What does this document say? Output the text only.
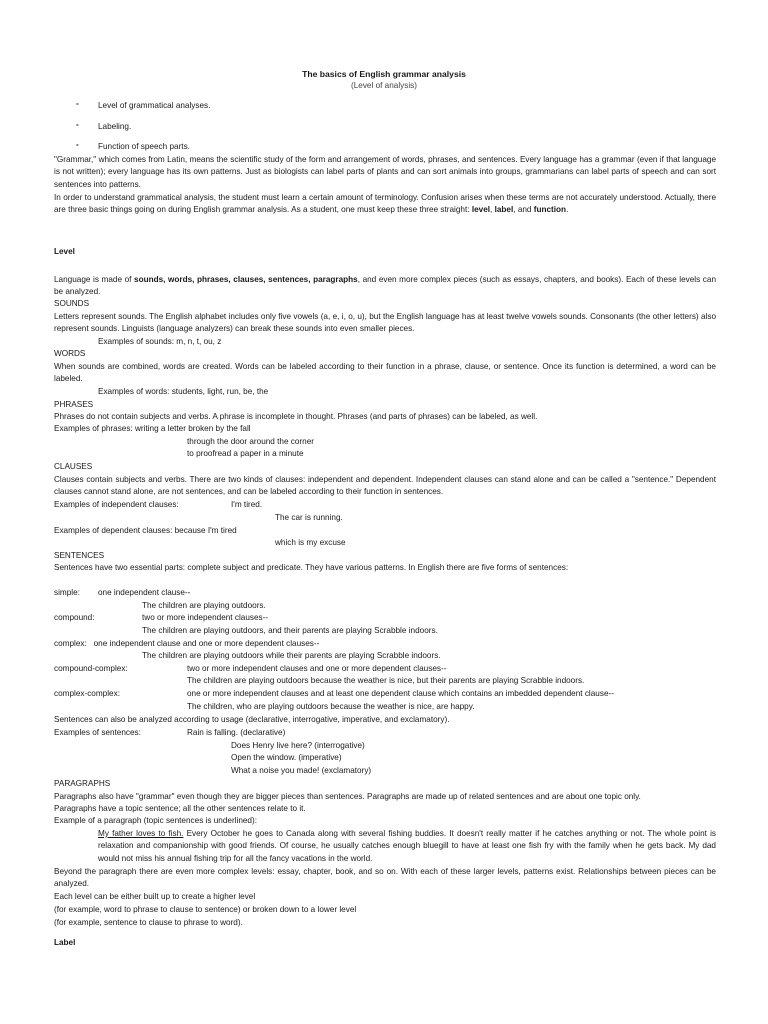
The basics of English grammar analysis
(Level of analysis)
- Level of grammatical analyses.
- Labeling.
- Function of speech parts.
"Grammar," which comes from Latin, means the scientific study of the form and arrangement of words, phrases, and sentences. Every language has a grammar (even if that language is not written); every language has its own patterns. Just as biologists can label parts of plants and can sort animals into groups, grammarians can label parts of speech and can sort sentences into patterns.
In order to understand grammatical analysis, the student must learn a certain amount of terminology. Confusion arises when these terms are not accurately understood. Actually, there are three basic things going on during English grammar analysis. As a student, one must keep these three straight: level, label, and function.
Level
Language is made of sounds, words, phrases, clauses, sentences, paragraphs, and even more complex pieces (such as essays, chapters, and books). Each of these levels can be analyzed.
SOUNDS
Letters represent sounds. The English alphabet includes only five vowels (a, e, i, o, u), but the English language has at least twelve vowels sounds. Consonants (the other letters) also represent sounds. Linguists (language analyzers) can break these sounds into even smaller pieces.
Examples of sounds: m, n, t, ou, z
WORDS
When sounds are combined, words are created. Words can be labeled according to their function in a phrase, clause, or sentence. Once its function is determined, a word can be labeled.
Examples of words: students, light, run, be, the
PHRASES
Phrases do not contain subjects and verbs. A phrase is incomplete in thought. Phrases (and parts of phrases) can be labeled, as well.
Examples of phrases: writing a letter broken by the fall
through the door around the corner
to proofread a paper in a minute
CLAUSES
Clauses contain subjects and verbs. There are two kinds of clauses: independent and dependent. Independent clauses can stand alone and can be called a "sentence." Dependent clauses cannot stand alone, are not sentences, and can be labeled according to their function in sentences.
Examples of independent clauses:	I'm tired.
The car is running.
Examples of dependent clauses: because I'm tired
which is my excuse
SENTENCES
Sentences have two essential parts: complete subject and predicate. They have various patterns. In English there are five forms of sentences:
simple: one independent clause--
The children are playing outdoors.
compound:	two or more independent clauses--
The children are playing outdoors, and their parents are playing Scrabble indoors.
complex:   one independent clause and one or more dependent clauses--
The children are playing outdoors while their parents are playing Scrabble indoors.
compound-complex:	two or more independent clauses and one or more dependent clauses--
The children are playing outdoors because the weather is nice, but their parents are playing Scrabble indoors.
complex-complex:	one or more independent clauses and at least one dependent clause which contains an imbedded dependent clause--
The children, who are playing outdoors because the weather is nice, are happy.
Sentences can also be analyzed according to usage (declarative, interrogative, imperative, and exclamatory).
Examples of sentences:	Rain is falling. (declarative)
Does Henry live here? (interrogative)
Open the window. (imperative)
What a noise you made! (exclamatory)
PARAGRAPHS
Paragraphs also have "grammar" even though they are bigger pieces than sentences. Paragraphs are made up of related sentences and are about one topic only.
Paragraphs have a topic sentence; all the other sentences relate to it.
Example of a paragraph (topic sentences is underlined):
My father loves to fish. Every October he goes to Canada along with several fishing buddies. It doesn't really matter if he catches anything or not. The whole point is relaxation and companionship with good friends. Of course, he usually catches enough bluegill to have at least one fish fry with the family when he gets back. My dad would not miss his annual fishing trip for all the fancy vacations in the world.
Beyond the paragraph there are even more complex levels: essay, chapter, book, and so on. With each of these larger levels, patterns exist. Relationships between pieces can be analyzed.
Each level can be either built up to create a higher level
(for example, word to phrase to clause to sentence) or broken down to a lower level
(for example, sentence to clause to phrase to word).
Label
